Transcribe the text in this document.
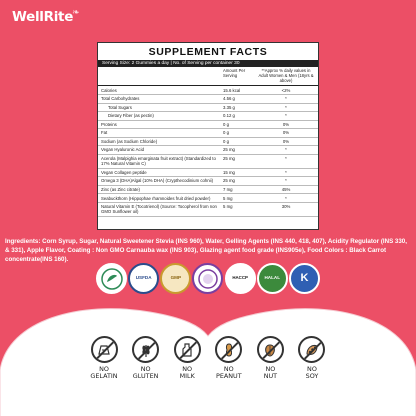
WellRite❧
SUPPLEMENT FACTS
Serving Size: 2 Gummies a day | No. of Serving per container 30
Amount Per Serving
**Approx % daily values in Adult Women & Men (18yrs & above)
Calories	15.6 kcal	<2%
Total Carbohydrates	4.56 g	*
Total Sugars	3.35 g	*
Dietary Fiber (as pectin)	0.12 g	*
Proteins	0 g	0%
Fat	0 g	0%
Sodium (as Sodium Chloride)	0 g	0%
Vegan Hyaluronic Acid	25 mg	*
Acerola (Malpighia emarginata fruit extract) (Standardized to 17% Natural Vitamin C)
25 mg	*
Vegan Collagen peptide	15 mg	*
Omega 3 (DHA)Algal (10% DHA) (Crypthecodinium cohnii)	25 mg	*
Zinc (as Zinc citrate)	7 mg	45%
Seabuckthorn (Hippophae rhamnoides fruit dried powder)	5 mg	*
Natural Vitamin E (Tocotrienol) (Source: Tocopherol from non GMO Sunflower oil)
5 mg	30%
Ingredients: Corn Syrup, Sugar, Natural Sweetener Stevia (INS 960), Water, Gelling Agents (INS 440, 418, 407), Acidity Regulator (INS 330, & 331), Apple Flavor, Coating : Non GMO Carnauba wax (INS 903), Glazing agent food grade (INS905e), Food Colors : Black Carrot concentrate(INS 160).
USFDA	GMP	HACCP	HALAL K
NO
GELATIN
NO
GLUTEN
NO
MILK
NO
PEANUT
NO
NUT
NO
SOY
